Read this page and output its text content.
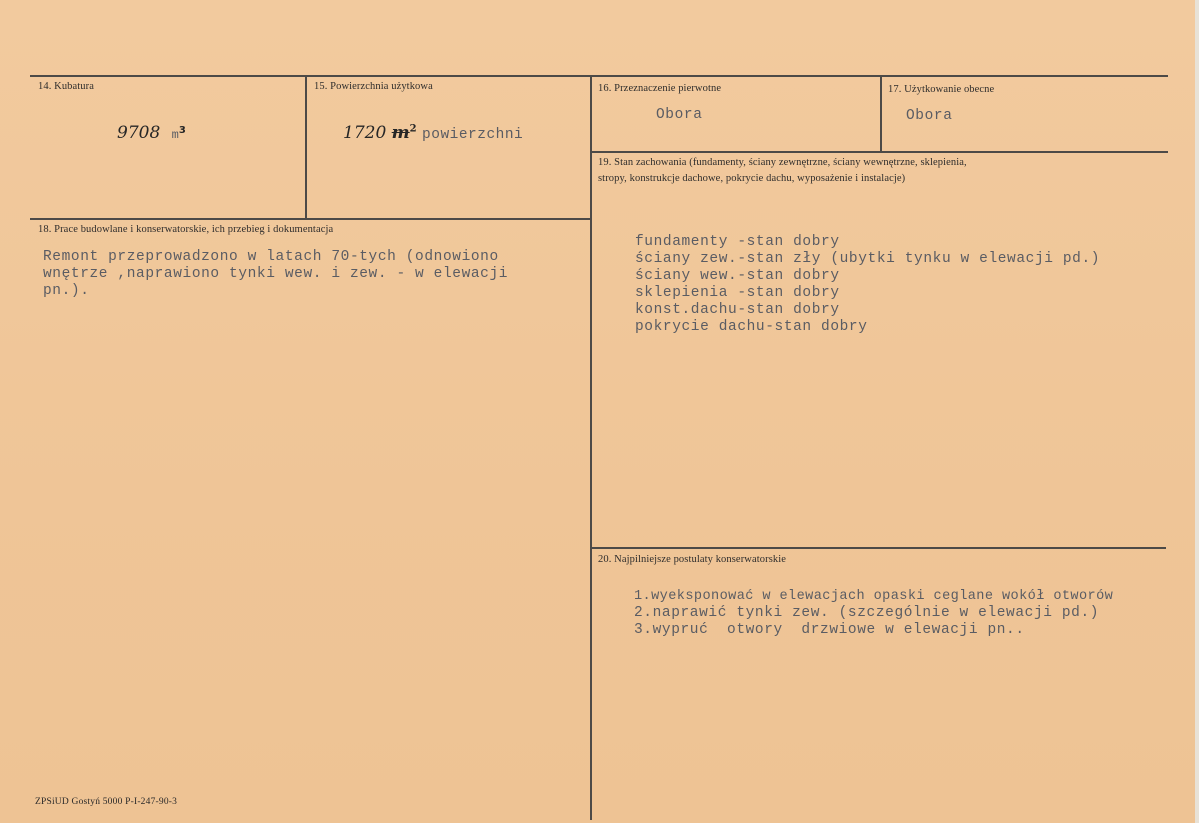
14. Kubatura
9708 $m^3$
15. Powierzchnia użytkowa
1720 $m^2$ powierzchni
16. Przeznaczenie pierwotne
Obora
17. Użytkowanie obecne
Obora
18. Prace budowlane i konserwatorskie, ich przebieg i dokumentacja
Remont przeprowadzono w latach 70-tych (odnowiono
wnętrze ,naprawiono tynki wew. i zew. - w elewacji
pn.).
19. Stan zachowania (fundamenty, ściany zewnętrzne, ściany wewnętrzne, sklepienia,
stropy, konstrukcje dachowe, pokrycie dachu, wyposażenie i instalacje)
fundamenty -stan dobry
ściany zew.-stan zły (ubytki tynku w elewacji pd.)
ściany wew.-stan dobry
sklepienia -stan dobry
konst.dachu-stan dobry
pokrycie dachu-stan dobry
20. Najpilniejsze postulaty konserwatorskie
1.wyeksponować w elewacjach opaski ceglane wokół otworów
2.naprawić tynki zew. (szczególnie w elewacji pd.)
3.wypruć  otwory  drzwiowe w elewacji pn..
ZPSiUD Gostyń 5000 P-I-247-90-3
